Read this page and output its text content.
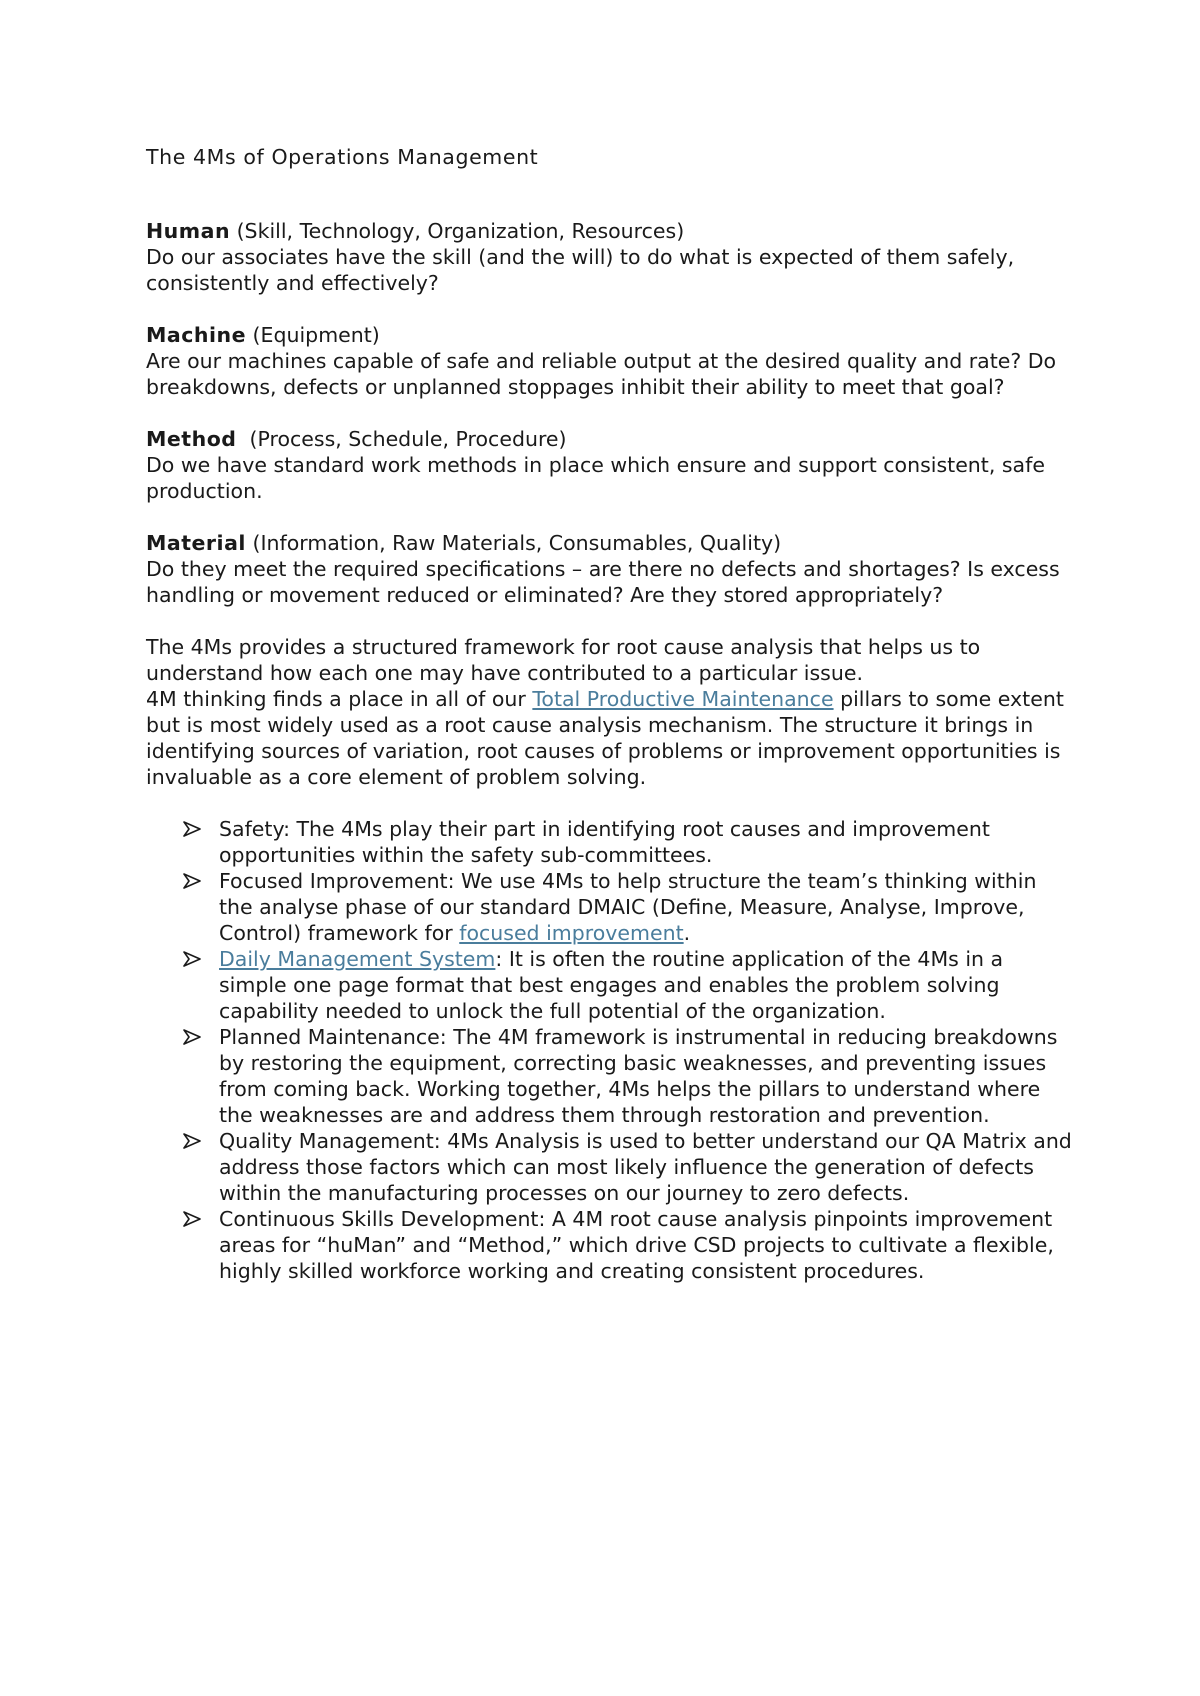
The 4Ms of Operations Management
Human (Skill, Technology, Organization, Resources)

Do our associates have the skill (and the will) to do what is expected of them safely, consistently and effectively?

Machine (Equipment)

Are our machines capable of safe and reliable output at the desired quality and rate? Do breakdowns, defects or unplanned stoppages inhibit their ability to meet that goal?

Method  (Process, Schedule, Procedure)

Do we have standard work methods in place which ensure and support consistent, safe production.

Material (Information, Raw Materials, Consumables, Quality)

Do they meet the required specifications – are there no defects and shortages? Is excess handling or movement reduced or eliminated? Are they stored appropriately?

The 4Ms provides a structured framework for root cause analysis that helps us to understand how each one may have contributed to a particular issue.

4M thinking finds a place in all of our Total Productive Maintenance pillars to some extent but is most widely used as a root cause analysis mechanism. The structure it brings in identifying sources of variation, root causes of problems or improvement opportunities is invaluable as a core element of problem solving.

Safety: The 4Ms play their part in identifying root causes and improvement opportunities within the safety sub-committees.
Focused Improvement: We use 4Ms to help structure the team’s thinking within the analyse phase of our standard DMAIC (Define, Measure, Analyse, Improve, Control) framework for focused improvement.
Daily Management System: It is often the routine application of the 4Ms in a simple one page format that best engages and enables the problem solving capability needed to unlock the full potential of the organization.
Planned Maintenance: The 4M framework is instrumental in reducing breakdowns by restoring the equipment, correcting basic weaknesses, and preventing issues from coming back. Working together, 4Ms helps the pillars to understand where the weaknesses are and address them through restoration and prevention.
Quality Management: 4Ms Analysis is used to better understand our QA Matrix and address those factors which can most likely influence the generation of defects within the manufacturing processes on our journey to zero defects.
Continuous Skills Development: A 4M root cause analysis pinpoints improvement areas for “huMan” and “Method,” which drive CSD projects to cultivate a flexible, highly skilled workforce working and creating consistent procedures.
